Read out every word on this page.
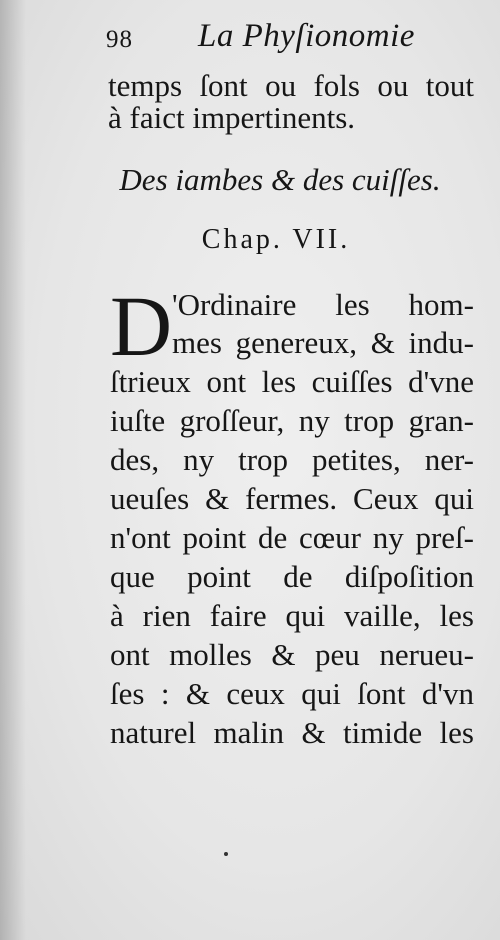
98 La Phyſionomie
temps ſont ou fols ou tout
à faict impertinents.
Des iambes & des cuiſſes.
Chap. VII.
D 'Ordinaire les hom-
mes genereux, & indu-
ſtrieux ont les cuiſſes d'vne
iuſte groſſeur, ny trop gran-
des, ny trop petites, ner-
ueuſes & fermes. Ceux qui
n'ont point de cœur ny preſ-
que point de diſpoſition
à rien faire qui vaille, les
ont molles & peu nerueu-
ſes : & ceux qui ſont d'vn
naturel malin & timide les
